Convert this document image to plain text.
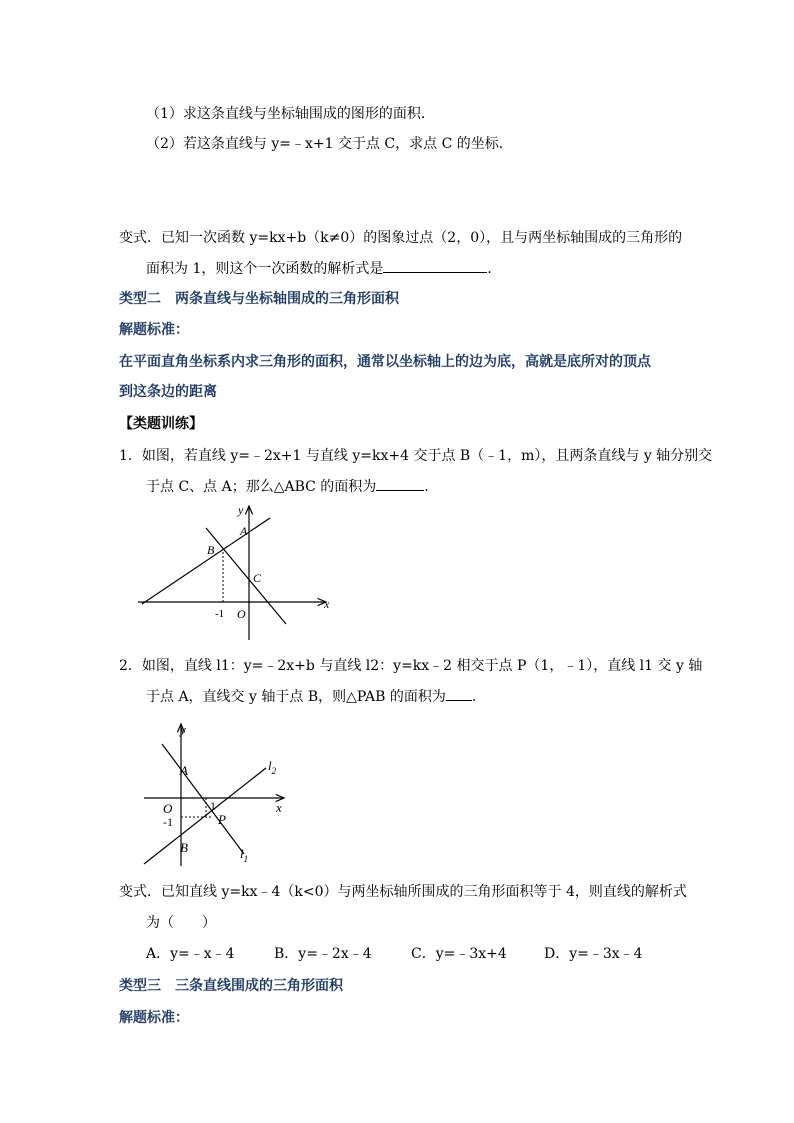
（1）求这条直线与坐标轴围成的图形的面积．
（2）若这条直线与 y=﹣x+1 交于点 C，求点 C 的坐标．
变式．已知一次函数 y=kx+b（k≠0）的图象过点（2，0），且与两坐标轴围成的三角形的
面积为 1，则这个一次函数的解析式是	．
类型二　两条直线与坐标轴围成的三角形面积
解题标准：
在平面直角坐标系内求三角形的面积，通常以坐标轴上的边为底，高就是底所对的顶点
到这条边的距离
【类题训练】
1．如图，若直线 y=﹣2x+1 与直线 y=kx+4 交于点 B（﹣1，m），且两条直线与 y 轴分别交
于点 C、点 A；那么△ABC 的面积为	．
y
x
A
B
C
O
-1
2．如图，直线 l1：y=﹣2x+b 与直线 l2：y=kx﹣2 相交于点 P（1，﹣1），直线 l1 交 y 轴
于点 A，直线交 y 轴于点 B，则△PAB 的面积为 ．
y
x
A
B
O
P
1
-1
$l_2$
$l_1$
变式．已知直线 y=kx﹣4（k<0）与两坐标轴所围成的三角形面积等于 4，则直线的解析式
为（　　）
A．y=﹣x﹣4	B．y=﹣2x﹣4	C．y=﹣3x+4	D．y=﹣3x﹣4
类型三　三条直线围成的三角形面积
解题标准：
